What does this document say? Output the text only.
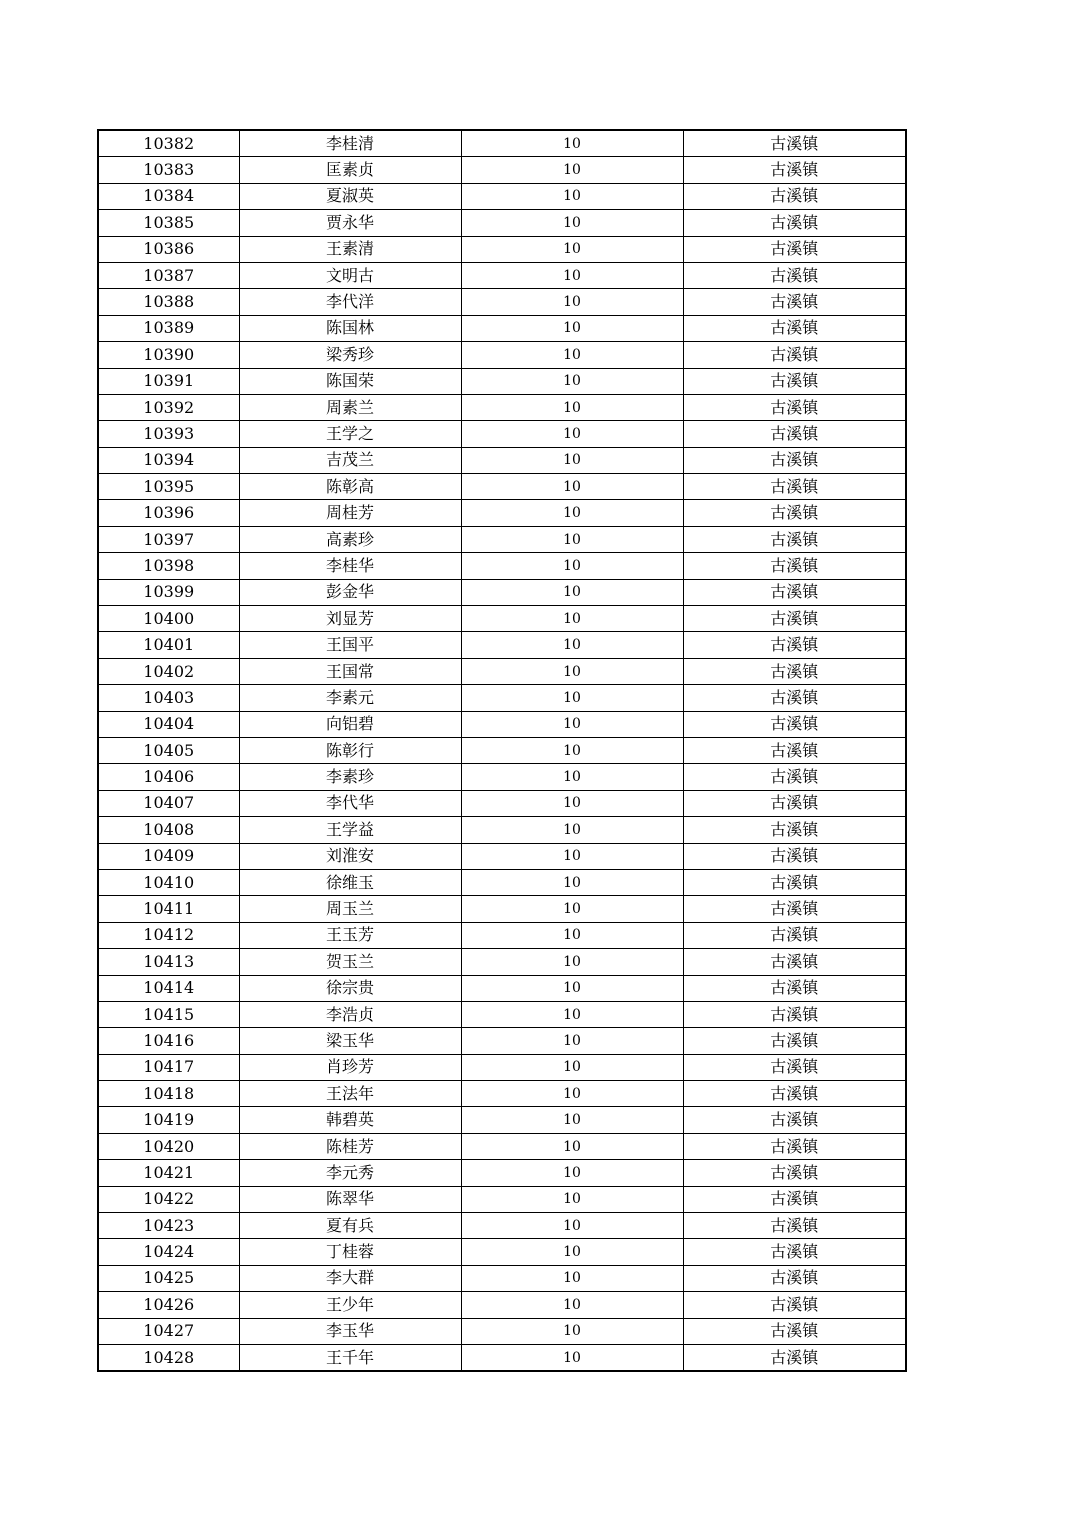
10382	李桂清	10	古溪镇
10383	匡素贞	10	古溪镇
10384	夏淑英	10	古溪镇
10385	贾永华	10	古溪镇
10386	王素清	10	古溪镇
10387	文明古	10	古溪镇
10388	李代洋	10	古溪镇
10389	陈国林	10	古溪镇
10390	梁秀珍	10	古溪镇
10391	陈国荣	10	古溪镇
10392	周素兰	10	古溪镇
10393	王学之	10	古溪镇
10394	吉茂兰	10	古溪镇
10395	陈彰高	10	古溪镇
10396	周桂芳	10	古溪镇
10397	高素珍	10	古溪镇
10398	李桂华	10	古溪镇
10399	彭金华	10	古溪镇
10400	刘显芳	10	古溪镇
10401	王国平	10	古溪镇
10402	王国常	10	古溪镇
10403	李素元	10	古溪镇
10404	向铝碧	10	古溪镇
10405	陈彰行	10	古溪镇
10406	李素珍	10	古溪镇
10407	李代华	10	古溪镇
10408	王学益	10	古溪镇
10409	刘淮安	10	古溪镇
10410	徐维玉	10	古溪镇
10411	周玉兰	10	古溪镇
10412	王玉芳	10	古溪镇
10413	贺玉兰	10	古溪镇
10414	徐宗贵	10	古溪镇
10415	李浩贞	10	古溪镇
10416	梁玉华	10	古溪镇
10417	肖珍芳	10	古溪镇
10418	王法年	10	古溪镇
10419	韩碧英	10	古溪镇
10420	陈桂芳	10	古溪镇
10421	李元秀	10	古溪镇
10422	陈翠华	10	古溪镇
10423	夏有兵	10	古溪镇
10424	丁桂蓉	10	古溪镇
10425	李大群	10	古溪镇
10426	王少年	10	古溪镇
10427	李玉华	10	古溪镇
10428	王千年	10	古溪镇
